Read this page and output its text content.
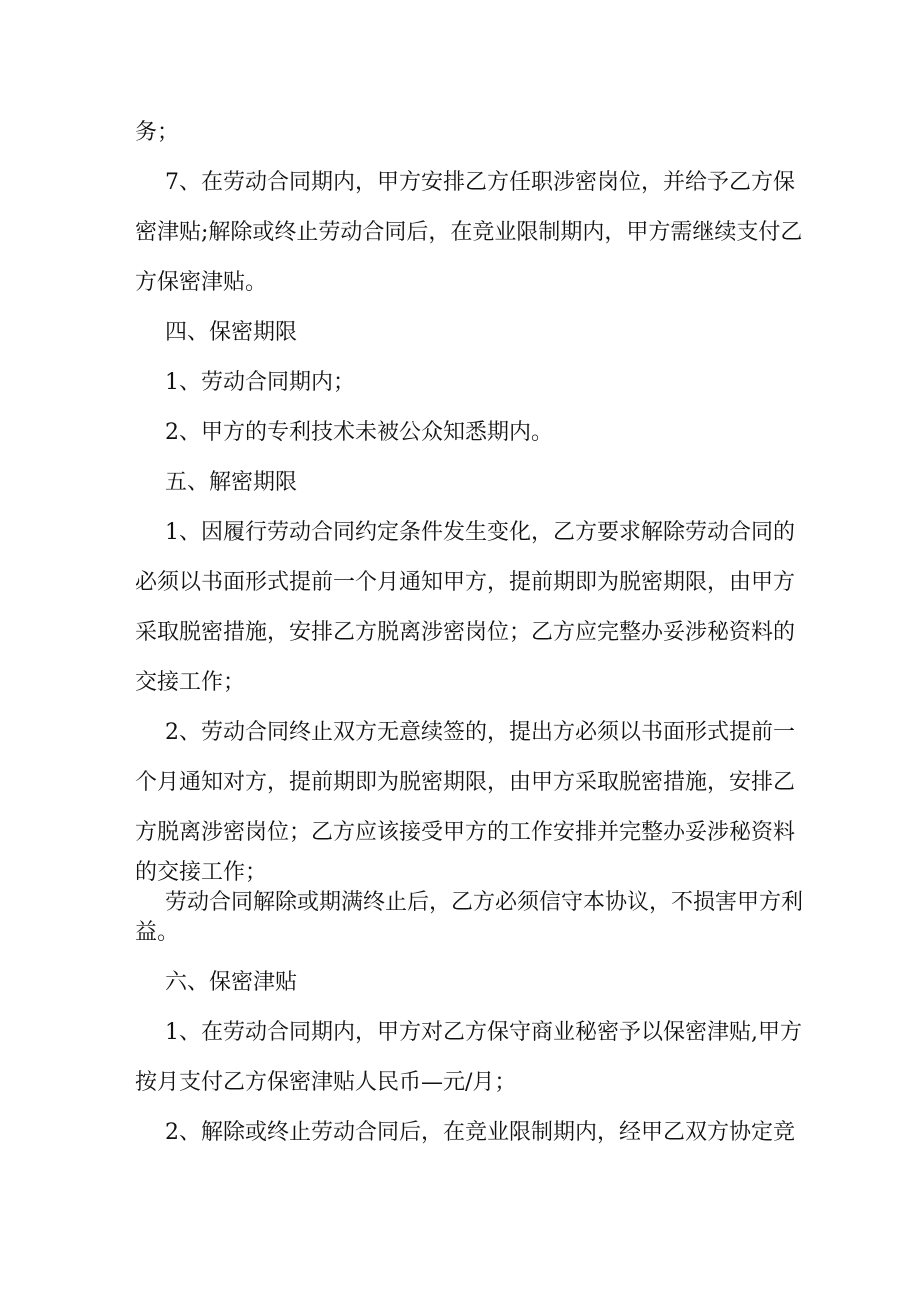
务；
7、在劳动合同期内，甲方安排乙方任职涉密岗位，并给予乙方保
密津贴;解除或终止劳动合同后，在竞业限制期内，甲方需继续支付乙
方保密津贴。
四、保密期限
1、劳动合同期内；
2、甲方的专利技术未被公众知悉期内。
五、解密期限
1、因履行劳动合同约定条件发生变化，乙方要求解除劳动合同的
必须以书面形式提前一个月通知甲方，提前期即为脱密期限，由甲方
采取脱密措施，安排乙方脱离涉密岗位；乙方应完整办妥涉秘资料的
交接工作；
2、劳动合同终止双方无意续签的，提出方必须以书面形式提前一
个月通知对方，提前期即为脱密期限，由甲方采取脱密措施，安排乙
方脱离涉密岗位；乙方应该接受甲方的工作安排并完整办妥涉秘资料
的交接工作；
劳动合同解除或期满终止后，乙方必须信守本协议，不损害甲方利
益。
六、保密津贴
1、在劳动合同期内，甲方对乙方保守商业秘密予以保密津贴,甲方
按月支付乙方保密津贴人民币—元/月；
2、解除或终止劳动合同后，在竞业限制期内，经甲乙双方协定竞
